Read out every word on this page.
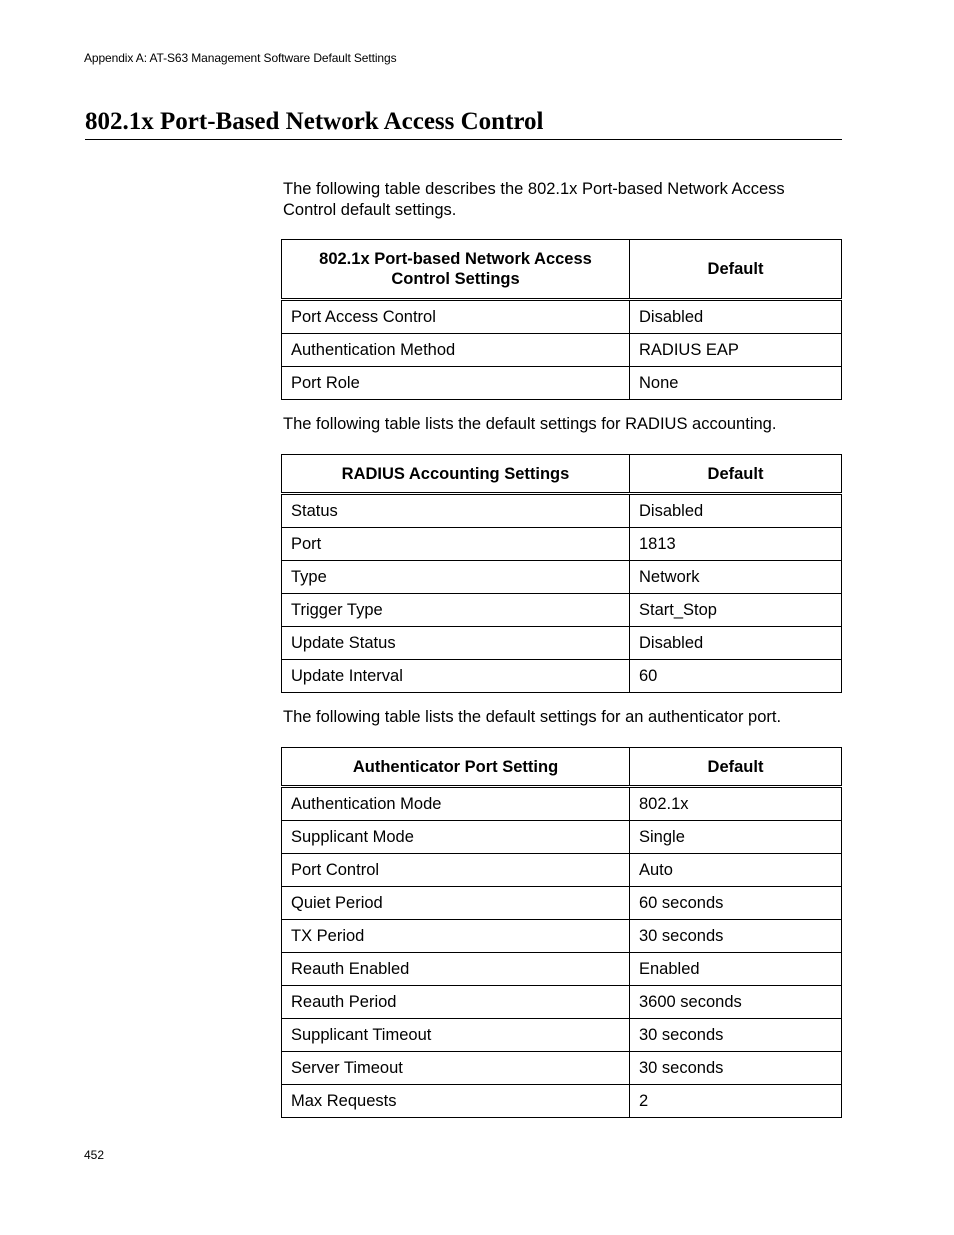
Appendix A: AT-S63 Management Software Default Settings
802.1x Port-Based Network Access Control

The following table describes the 802.1x Port-based Network Access Control default settings.

802.1x Port-based Network Access
Control Settings	Default
Port Access Control	Disabled
Authentication Method	RADIUS EAP
Port Role	None

The following table lists the default settings for RADIUS accounting.

RADIUS Accounting Settings	Default
Status	Disabled
Port	1813
Type	Network
Trigger Type	Start_Stop
Update Status	Disabled
Update Interval	60

The following table lists the default settings for an authenticator port.

Authenticator Port Setting	Default
Authentication Mode	802.1x
Supplicant Mode	Single
Port Control	Auto
Quiet Period	60 seconds
TX Period	30 seconds
Reauth Enabled	Enabled
Reauth Period	3600 seconds
Supplicant Timeout	30 seconds
Server Timeout	30 seconds
Max Requests	2
452
